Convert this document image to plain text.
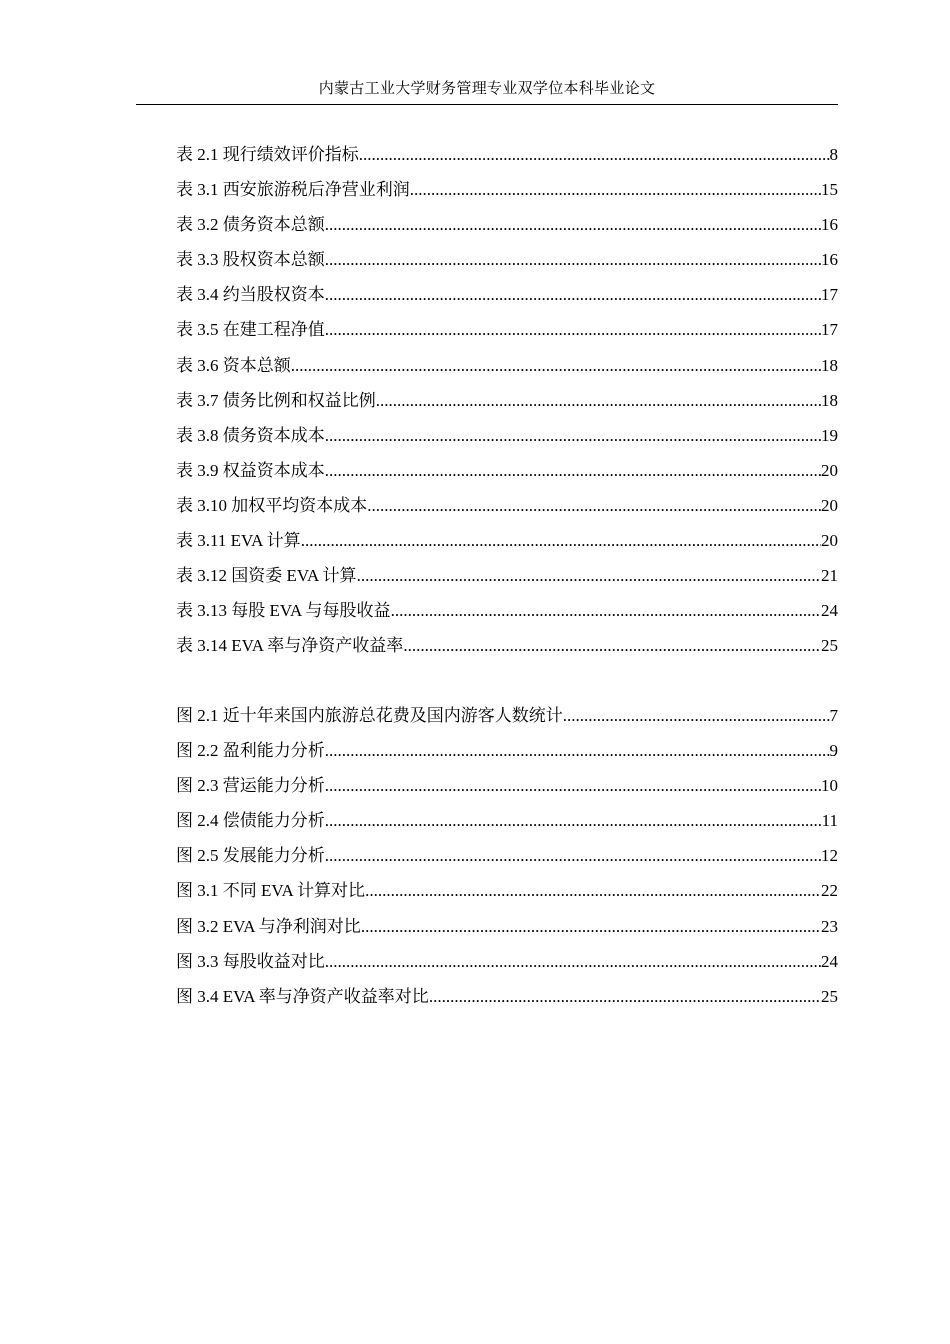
内蒙古工业大学财务管理专业双学位本科毕业论文
表 2.1 现行绩效评价指标 .....	8
表 3.1 西安旅游税后净营业利润 .....	15
表 3.2 债务资本总额 .....	16
表 3.3 股权资本总额 .....	16
表 3.4 约当股权资本 .....	17
表 3.5 在建工程净值 .....	17
表 3.6 资本总额 .....	18
表 3.7 债务比例和权益比例 .....	18
表 3.8 债务资本成本 .....	19
表 3.9 权益资本成本 .....	20
表 3.10 加权平均资本成本 .....	20
表 3.11 EVA 计算 .....	20
表 3.12 国资委 EVA 计算 .....	21
表 3.13 每股 EVA 与每股收益 .....	24
表 3.14 EVA 率与净资产收益率 .....	25
图 2.1 近十年来国内旅游总花费及国内游客人数统计 .....	7
图 2.2 盈利能力分析 .....	9
图 2.3 营运能力分析 .....	10
图 2.4 偿债能力分析 .....	11
图 2.5 发展能力分析 .....	12
图 3.1 不同 EVA 计算对比 .....	22
图 3.2 EVA 与净利润对比 .....	23
图 3.3 每股收益对比 .....	24
图 3.4 EVA 率与净资产收益率对比 .....	25
